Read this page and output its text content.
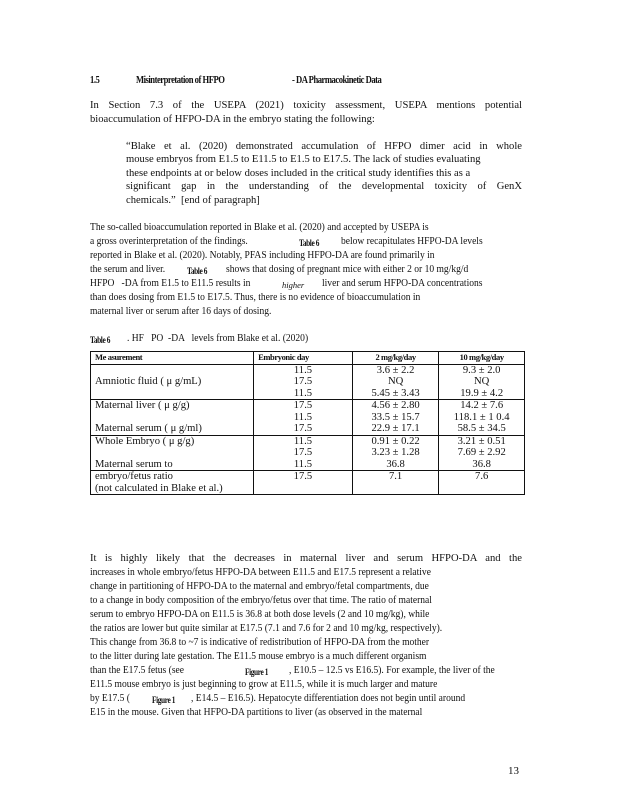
1.5	Misinterpretation of HFPO	- DA Pharmacokinetic Data
In Section 7.3 of the USEPA (2021) toxicity assessment, USEPA mentions potential
bioaccumulation of HFPO-DA in the embryo stating the following:
“Blake et al. (2020) demonstrated accumulation of HFPO dimer acid in whole
mouse embryos from E1.5 to E11.5 to E1.5 to E17.5. The lack of studies evaluating
these endpoints at or below doses included in the critical study identifies this as a
significant gap in the understanding of the developmental toxicity of GenX
chemicals.”  [end of paragraph]
The so-called bioaccumulation reported in Blake et al. (2020) and accepted by USEPA is
a gross overinterpretation of the findings.	Table 6 below recapitulates HFPO-DA levels
reported in Blake et al. (2020). Notably, PFAS including HFPO-DA are found primarily in
the serum and liver. Table 6 shows that dosing of pregnant mice with either 2 or 10 mg/kg/d
HFPO   -DA from E1.5 to E11.5 results in	higher liver and serum HFPO-DA concentrations
than does dosing from E1.5 to E17.5. Thus, there is no evidence of bioaccumulation in
maternal liver or serum after 16 days of dosing.
Table 6 . HF   PO  -DA   levels from Blake et al. (2020)
Me asurement	Embryonic day	2 mg/kg/day	10 mg/kg/day
	11.5	3.6 ± 2.2	9.3 ± 2.0
Amniotic fluid ( μ g/mL)	17.5	NQ	NQ
	11.5	5.45 ± 3.43	19.9 ± 4.2
Maternal liver ( μ g/g)	17.5	4.56 ± 2.80	14.2 ± 7.6
	11.5	33.5 ± 15.7	118.1 ± 1 0.4
Maternal serum ( μ g/ml)	17.5	22.9 ± 17.1	58.5 ± 34.5
Whole Embryo ( μ g/g)	11.5	0.91 ± 0.22	3.21 ± 0.51
	17.5	3.23 ± 1.28	7.69 ± 2.92
Maternal serum to	11.5	36.8	36.8
embryo/fetus ratio	17.5	7.1	7.6
(not calculated in Blake et al.)			
It is highly likely that the decreases in maternal liver and serum HFPO-DA and the
increases in whole embryo/fetus HFPO-DA between E11.5 and E17.5 represent a relative
change in partitioning of HFPO-DA to the maternal and embryo/fetal compartments, due
to a change in body composition of the embryo/fetus over that time. The ratio of maternal
serum to embryo HFPO-DA on E11.5 is 36.8 at both dose levels (2 and 10 mg/kg), while
the ratios are lower but quite similar at E17.5 (7.1 and 7.6 for 2 and 10 mg/kg, respectively).
This change from 36.8 to ~7 is indicative of redistribution of HFPO-DA from the mother
to the litter during late gestation. The E11.5 mouse embryo is a much different organism
than the E17.5 fetus (see	Figure 1 , E10.5 – 12.5 vs E16.5). For example, the liver of the
E11.5 mouse embryo is just beginning to grow at E11.5, while it is much larger and mature
by E17.5 ( Figure 1 , E14.5 – E16.5). Hepatocyte differentiation does not begin until around
E15 in the mouse. Given that HFPO-DA partitions to liver (as observed in the maternal
13
